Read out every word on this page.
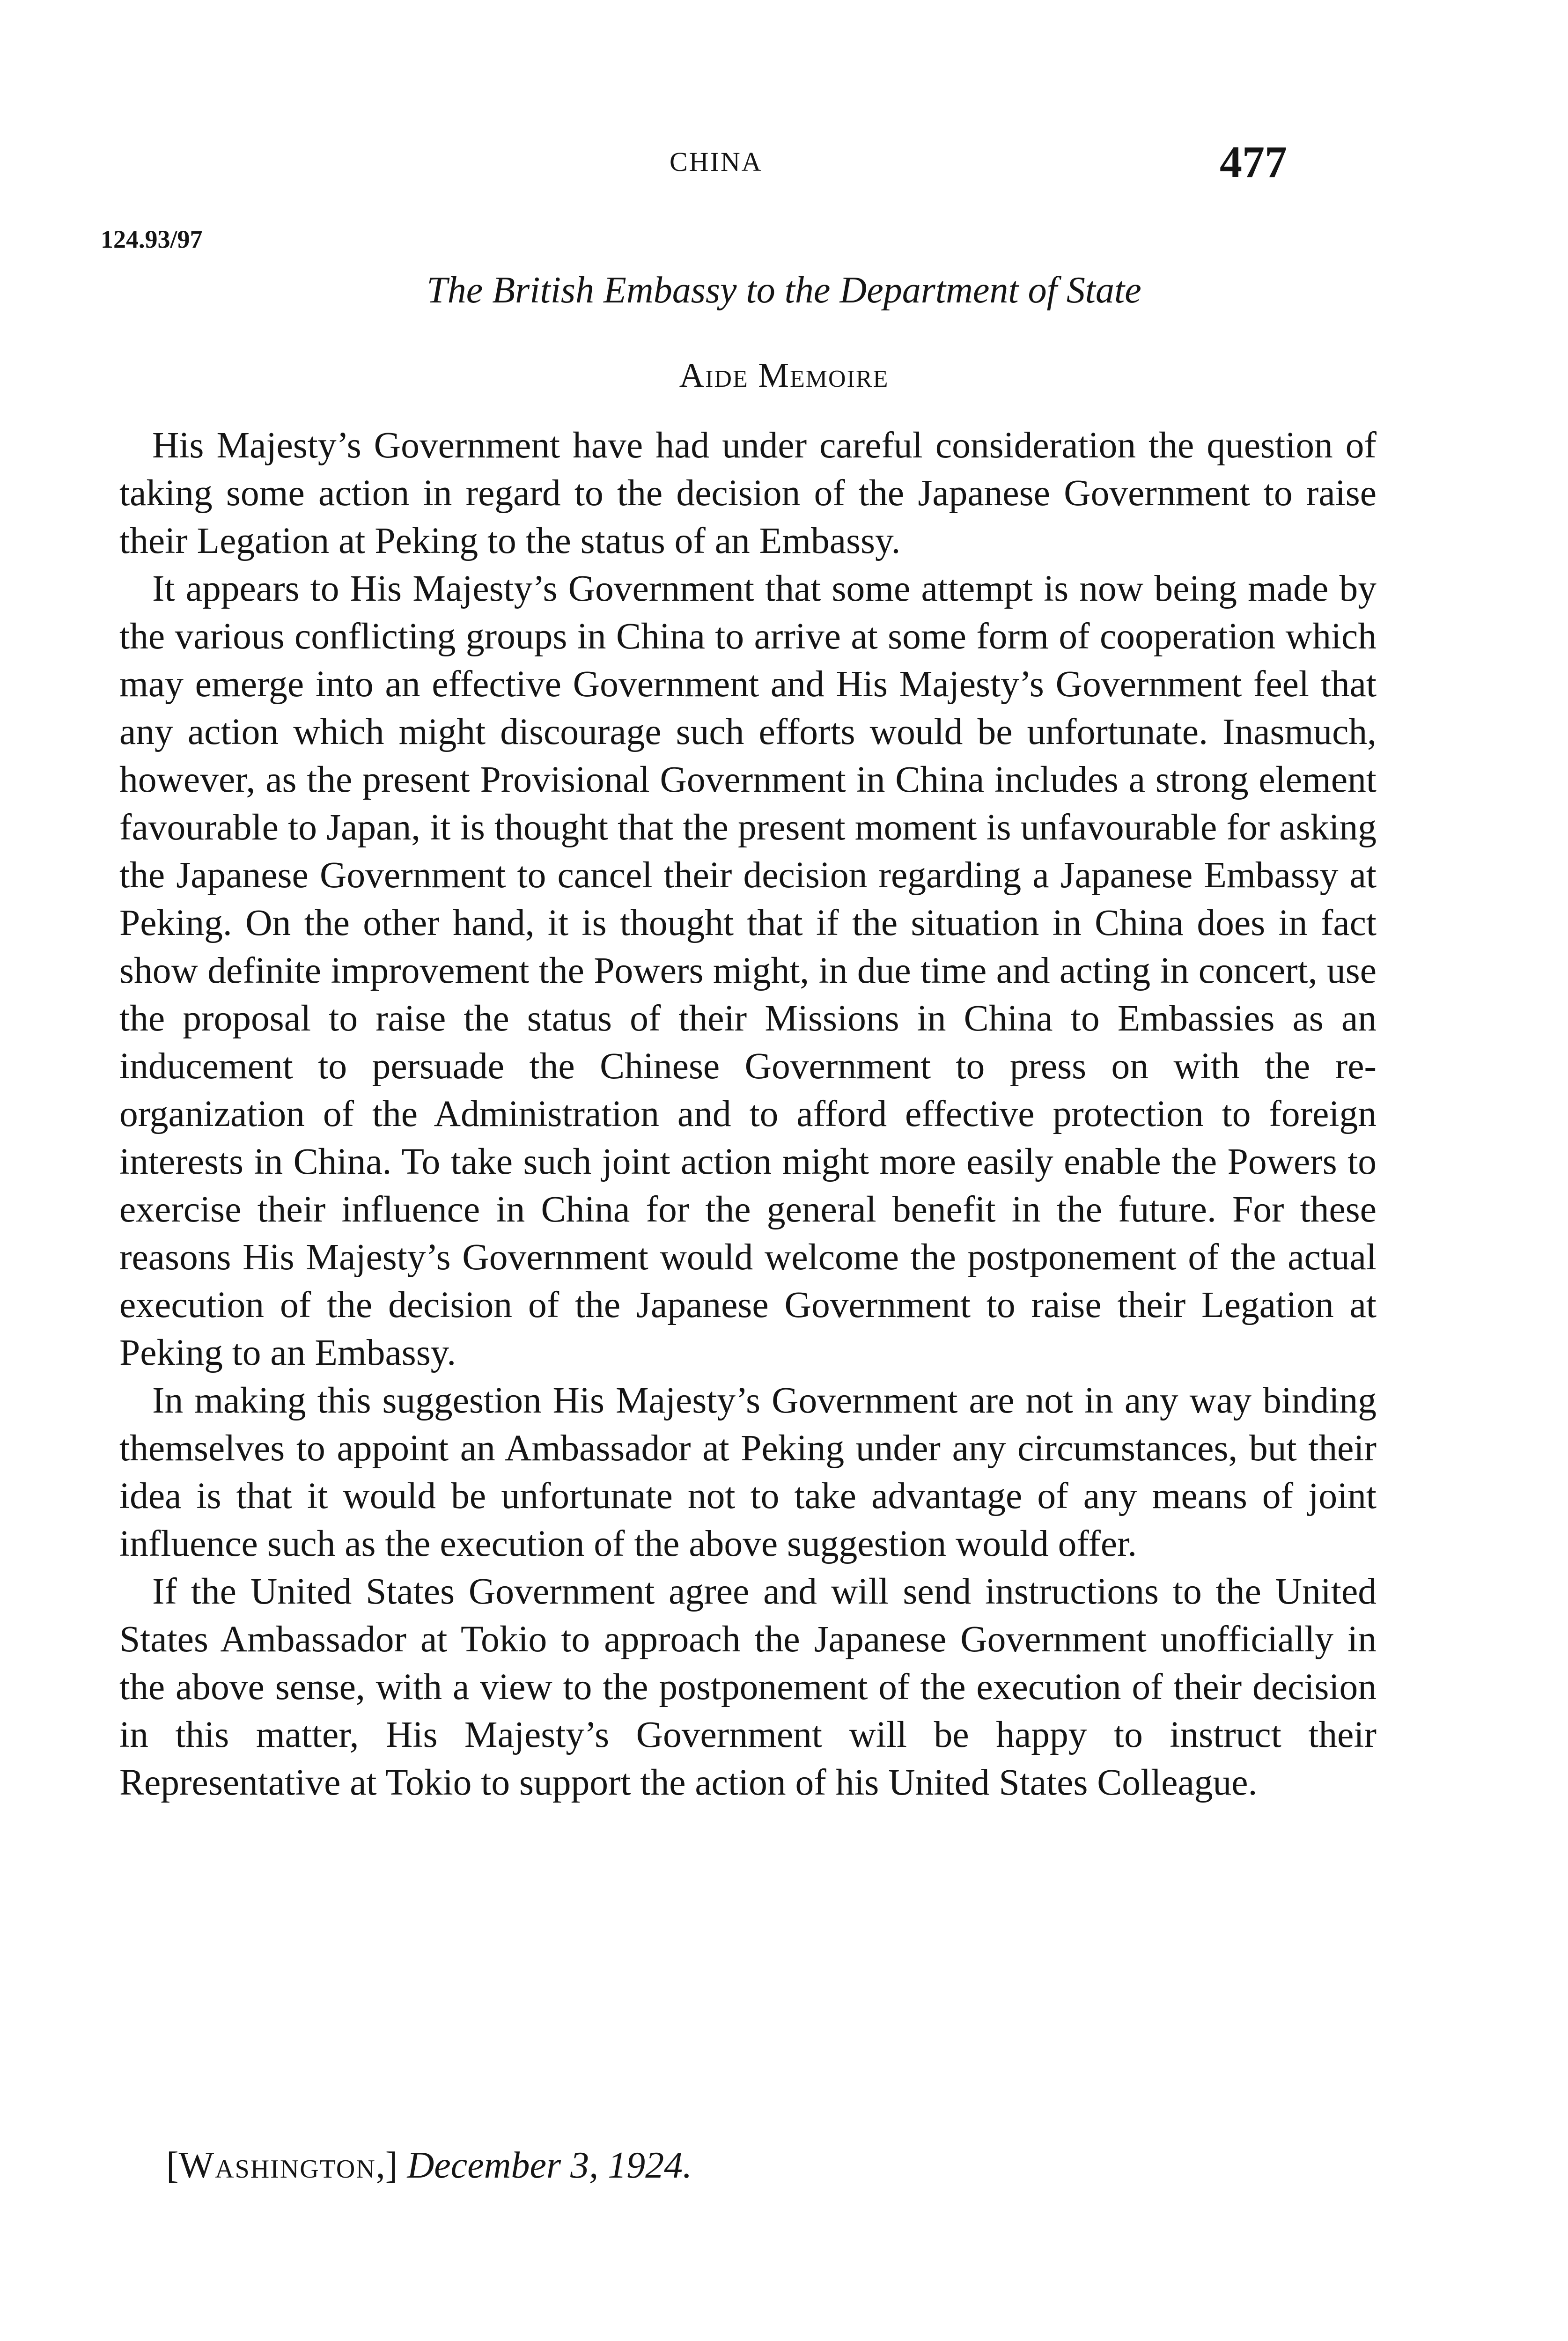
CHINA	477
124.93/97
The British Embassy to the Department of State
Aide Memoire

His Majesty’s Government have had under careful consideration the question of taking some action in regard to the decision of the Japanese Government to raise their Legation at Peking to the status of an Embassy.

It appears to His Majesty’s Government that some attempt is now being made by the various conflicting groups in China to arrive at some form of cooperation which may emerge into an effective Government and His Majesty’s Government feel that any action which might discourage such efforts would be unfortunate. Inasmuch, however, as the present Provisional Government in China includes a strong element favourable to Japan, it is thought that the present moment is unfavourable for asking the Japanese Government to cancel their decision regarding a Japanese Embassy at Peking. On the other hand, it is thought that if the situation in China does in fact show definite improvement the Powers might, in due time and acting in concert, use the proposal to raise the status of their Missions in China to Embassies as an inducement to persuade the Chinese Government to press on with the re-organization of the Administration and to afford effective protection to foreign interests in China. To take such joint action might more easily enable the Powers to exercise their influence in China for the general benefit in the future. For these reasons His Majesty’s Government would welcome the postponement of the actual execution of the decision of the Japanese Government to raise their Legation at Peking to an Embassy.

In making this suggestion His Majesty’s Government are not in any way binding themselves to appoint an Ambassador at Peking under any circumstances, but their idea is that it would be unfortunate not to take advantage of any means of joint influence such as the execution of the above suggestion would offer.

If the United States Government agree and will send instructions to the United States Ambassador at Tokio to approach the Japanese Government unofficially in the above sense, with a view to the postponement of the execution of their decision in this matter, His Majesty’s Government will be happy to instruct their Representative at Tokio to support the action of his United States Colleague.

[Washington,] December 3, 1924.
